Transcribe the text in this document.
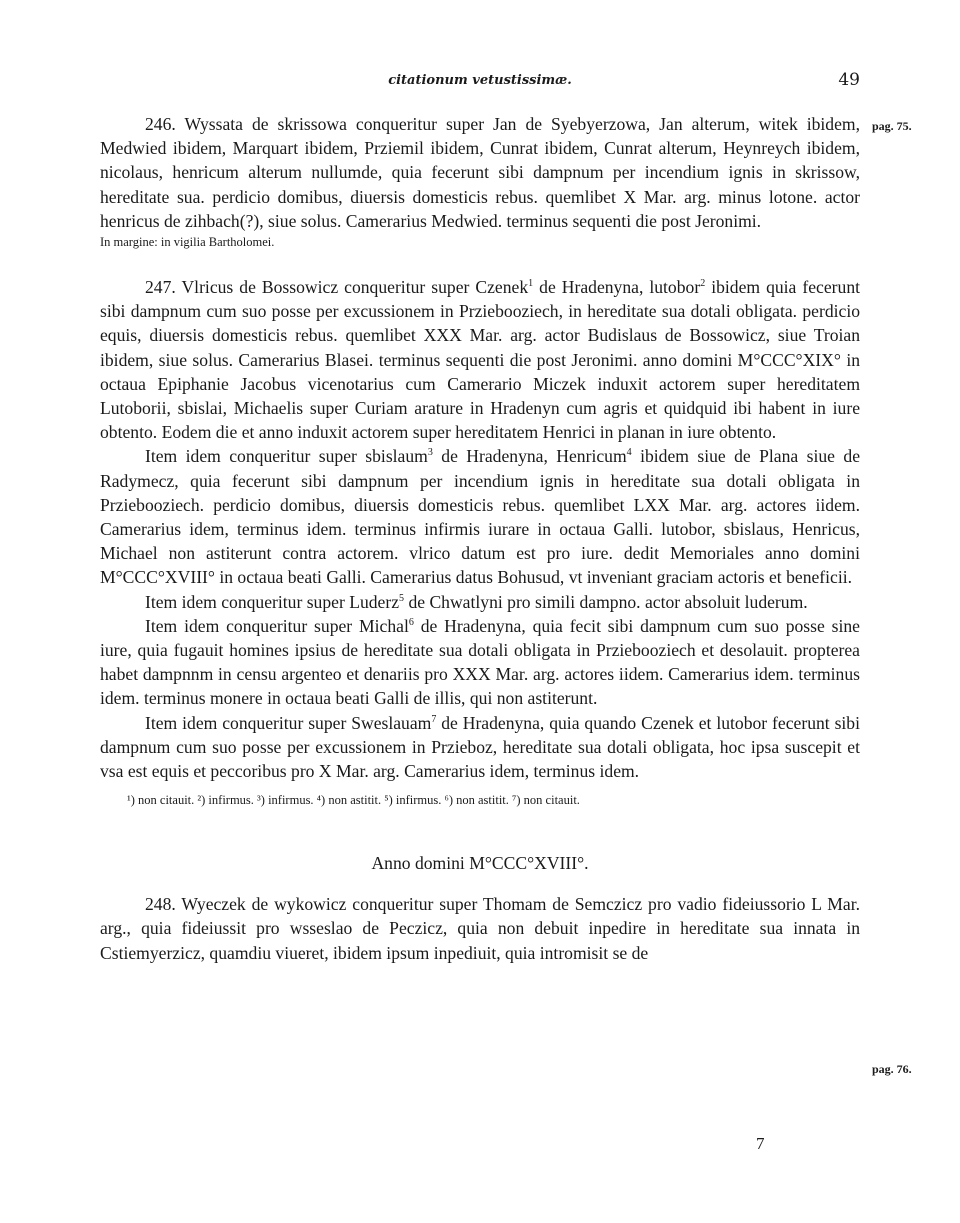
citationum vetustissimæ.	49
pag. 75.
pag. 76.

246. Wyssata de skrissowa conqueritur super Jan de Syebyerzowa, Jan alterum, witek ibidem, Medwied ibidem, Marquart ibidem, Prziemil ibidem, Cunrat ibidem, Cunrat alterum, Heynreych ibidem, nicolaus, henricum alterum nullumde, quia fecerunt sibi dampnum per incendium ignis in skrissow, hereditate sua. perdicio domibus, diuersis domesticis rebus. quemlibet X Mar. arg. minus lotone. actor henricus de zihbach(?), siue solus. Camerarius Medwied. terminus sequenti die post Jeronimi.

In margine: in vigilia Bartholomei.

247. Vlricus de Bossowicz conqueritur super Czenek$^1$ de Hradenyna, lutobor$^2$ ibidem quia fecerunt sibi dampnum cum suo posse per excussionem in Prziebooziech, in hereditate sua dotali obligata. perdicio equis, diuersis domesticis rebus. quemlibet XXX Mar. arg. actor Budislaus de Bossowicz, siue Troian ibidem, siue solus. Camerarius Blasei. terminus sequenti die post Jeronimi. anno domini M°CCC°XIX° in octaua Epiphanie Jacobus vicenotarius cum Camerario Miczek induxit actorem super hereditatem Lutoborii, sbislai, Michaelis super Curiam arature in Hradenyn cum agris et quidquid ibi habent in iure obtento. Eodem die et anno induxit actorem super hereditatem Henrici in planan in iure obtento.

Item idem conqueritur super sbislaum$^3$ de Hradenyna, Henricum$^4$ ibidem siue de Plana siue de Radymecz, quia fecerunt sibi dampnum per incendium ignis in hereditate sua dotali obligata in Prziebooziech. perdicio domibus, diuersis domesticis rebus. quemlibet LXX Mar. arg. actores iidem. Camerarius idem, terminus idem. terminus infirmis iurare in octaua Galli. lutobor, sbislaus, Henricus, Michael non astiterunt contra actorem. vlrico datum est pro iure. dedit Memoriales anno domini M°CCC°XVIII° in octaua beati Galli. Camerarius datus Bohusud, vt inveniant graciam actoris et beneficii.

Item idem conqueritur super Luderz$^5$ de Chwatlyni pro simili dampno. actor absoluit luderum.

Item idem conqueritur super Michal$^6$ de Hradenyna, quia fecit sibi dampnum cum suo posse sine iure, quia fugauit homines ipsius de hereditate sua dotali obligata in Prziebooziech et desolauit. propterea habet dampnnm in censu argenteo et denariis pro XXX Mar. arg. actores iidem. Camerarius idem. terminus idem. terminus monere in octaua beati Galli de illis, qui non astiterunt.

Item idem conqueritur super Sweslauam$^7$ de Hradenyna, quia quando Czenek et lutobor fecerunt sibi dampnum cum suo posse per excussionem in Przieboz, hereditate sua dotali obligata, hoc ipsa suscepit et vsa est equis et peccoribus pro X Mar. arg. Camerarius idem, terminus idem.

¹) non citauit. ²) infirmus. ³) infirmus. ⁴) non astitit. ⁵) infirmus. ⁶) non astitit. ⁷) non citauit.

Anno domini M°CCC°XVIII°.

248. Wyeczek de wykowicz conqueritur super Thomam de Semczicz pro vadio fideiussorio L Mar. arg., quia fideiussit pro wsseslao de Peczicz, quia non debuit inpedire in hereditate sua innata in Cstiemyerzicz, quamdiu viueret, ibidem ipsum inpediuit, quia intromisit se de

7
